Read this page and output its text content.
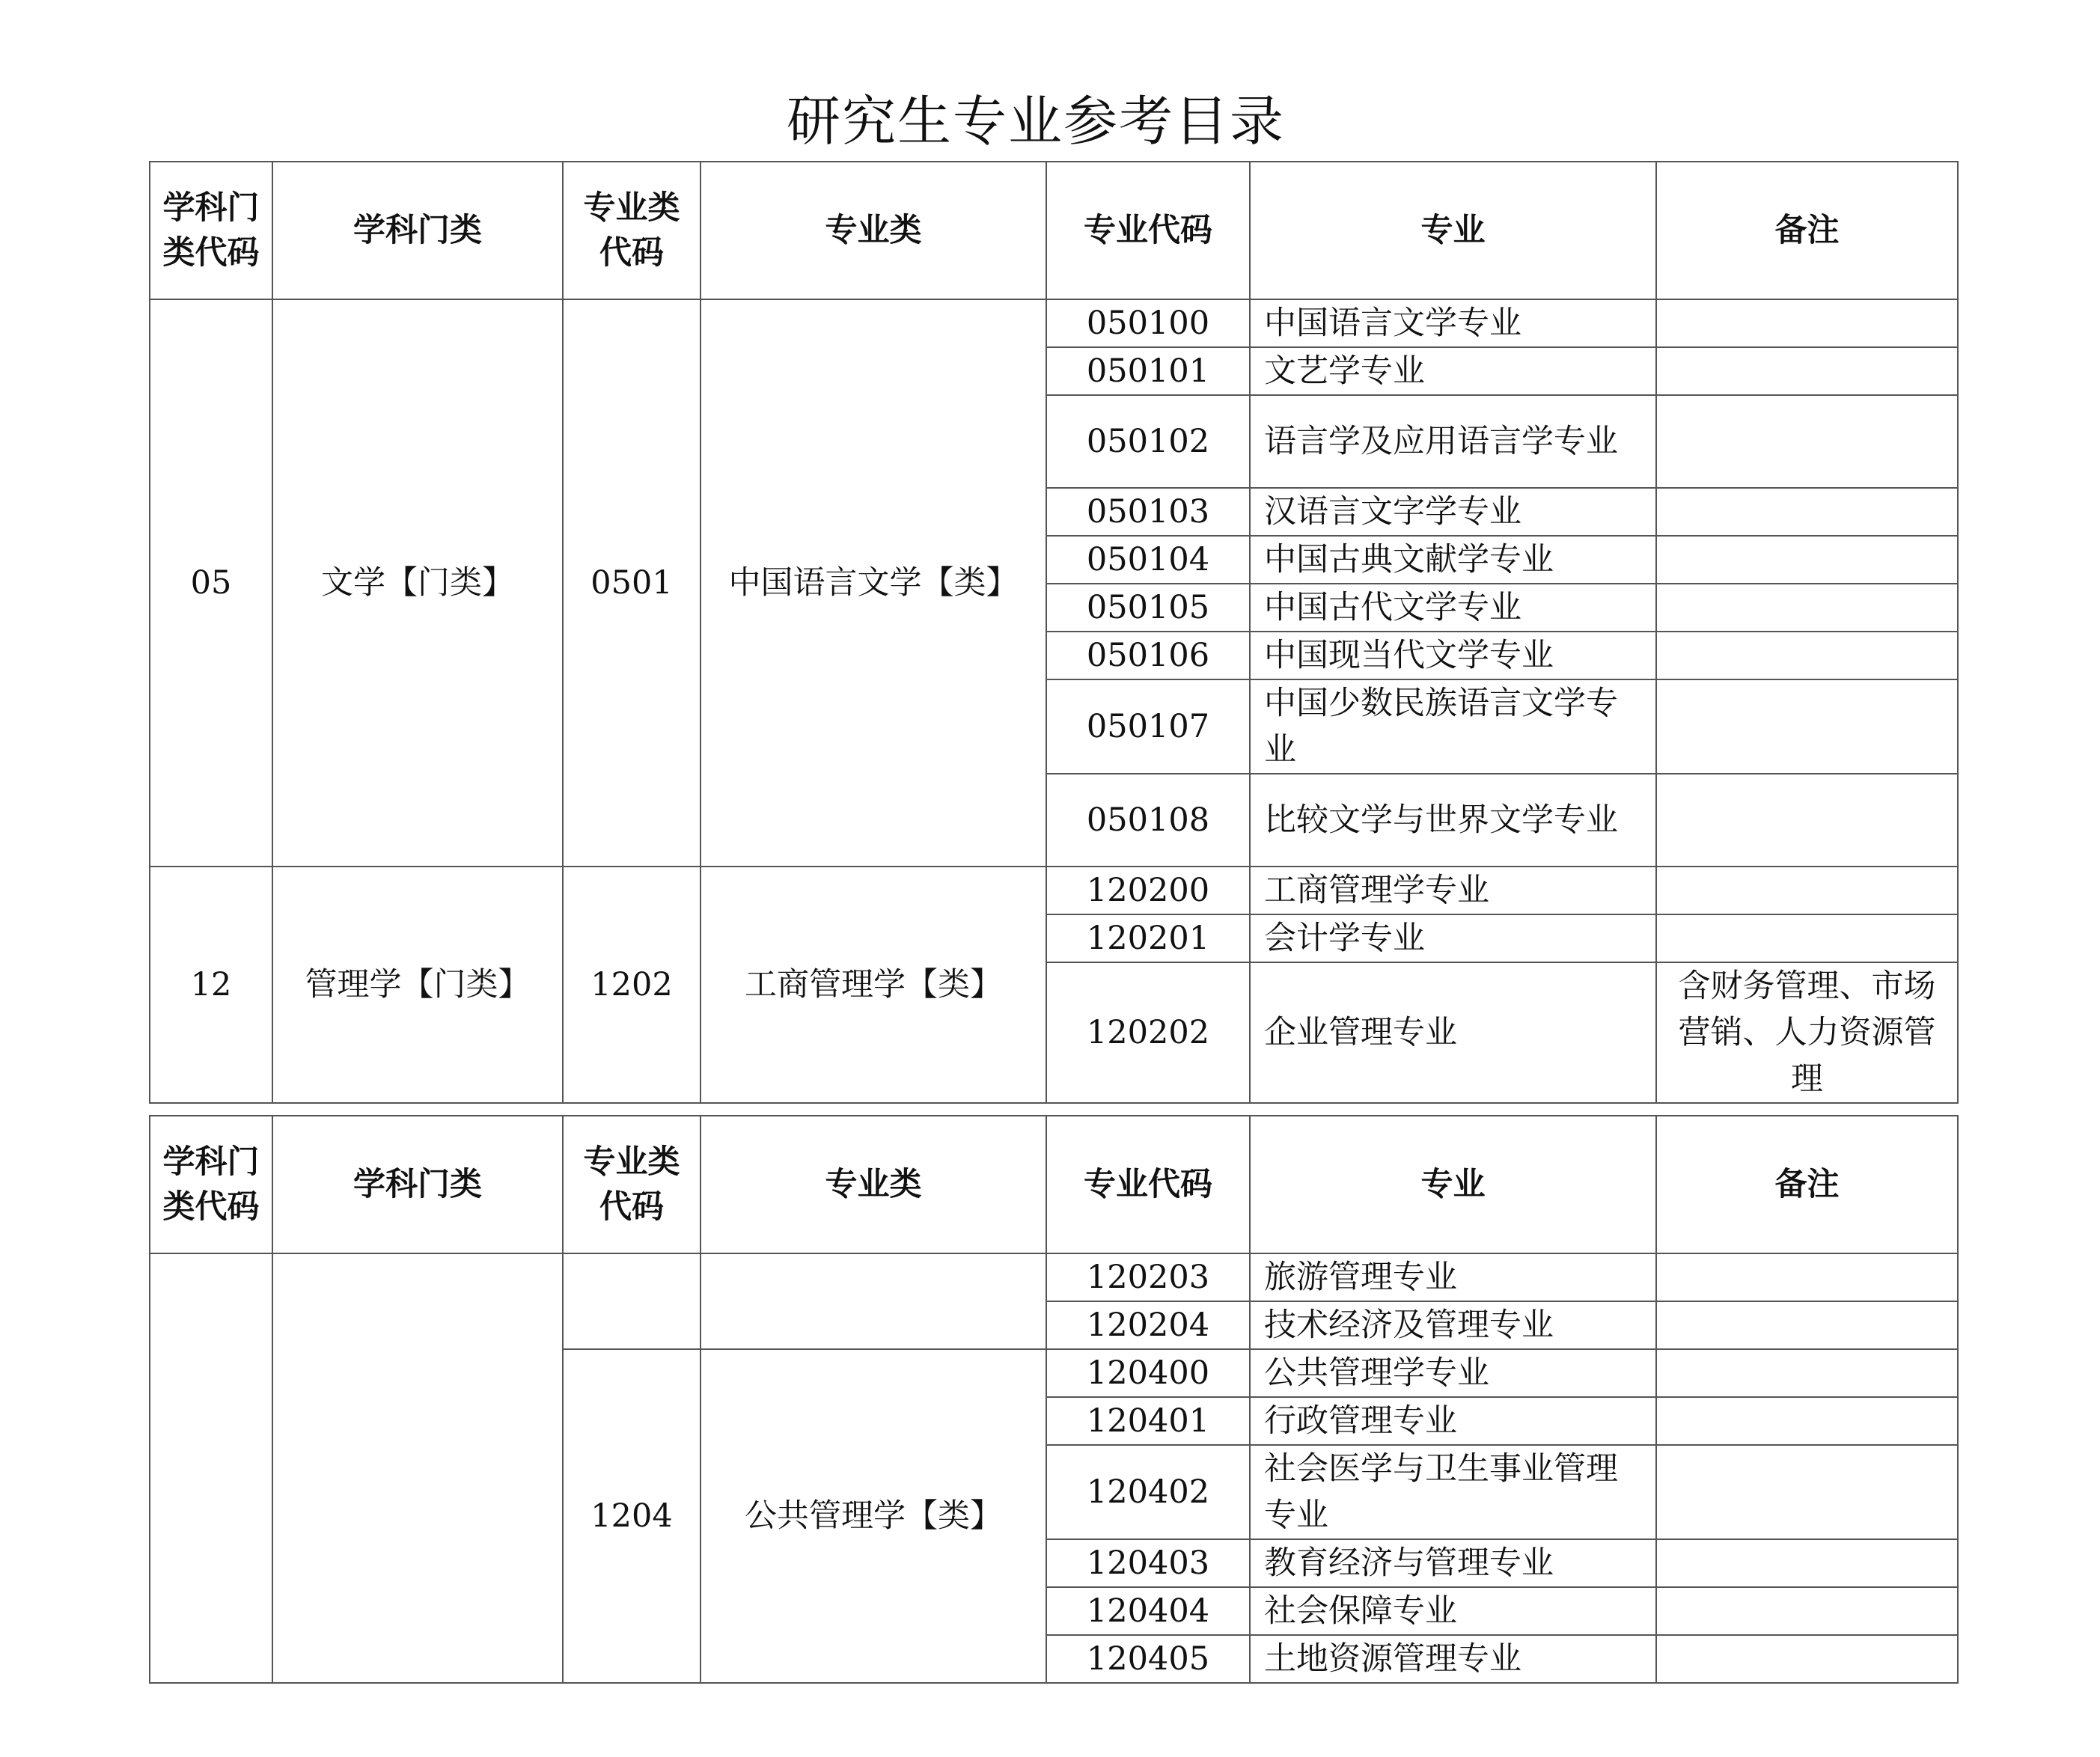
研究生专业参考目录
学科门类代码	学科门类	专业类代码	专业类	专业代码	专业	备注
05	文学【门类】	0501	中国语言文学【类】	050100	中国语言文学专业	
				050101	文艺学专业	
				050102	语言学及应用语言学专业	
				050103	汉语言文字学专业	
				050104	中国古典文献学专业	
				050105	中国古代文学专业	
				050106	中国现当代文学专业	
				050107	中国少数民族语言文学专业	
				050108	比较文学与世界文学专业	
12	管理学【门类】	1202	工商管理学【类】	120200	工商管理学专业	
				120201	会计学专业	
				120202	企业管理专业	含财务管理、市场营销、人力资源管理
学科门类代码	学科门类	专业类代码	专业类	专业代码	专业	备注
				120203	旅游管理专业	
				120204	技术经济及管理专业	
		1204	公共管理学【类】	120400	公共管理学专业	
				120401	行政管理专业	
				120402	社会医学与卫生事业管理专业	
				120403	教育经济与管理专业	
				120404	社会保障专业	
				120405	土地资源管理专业	
